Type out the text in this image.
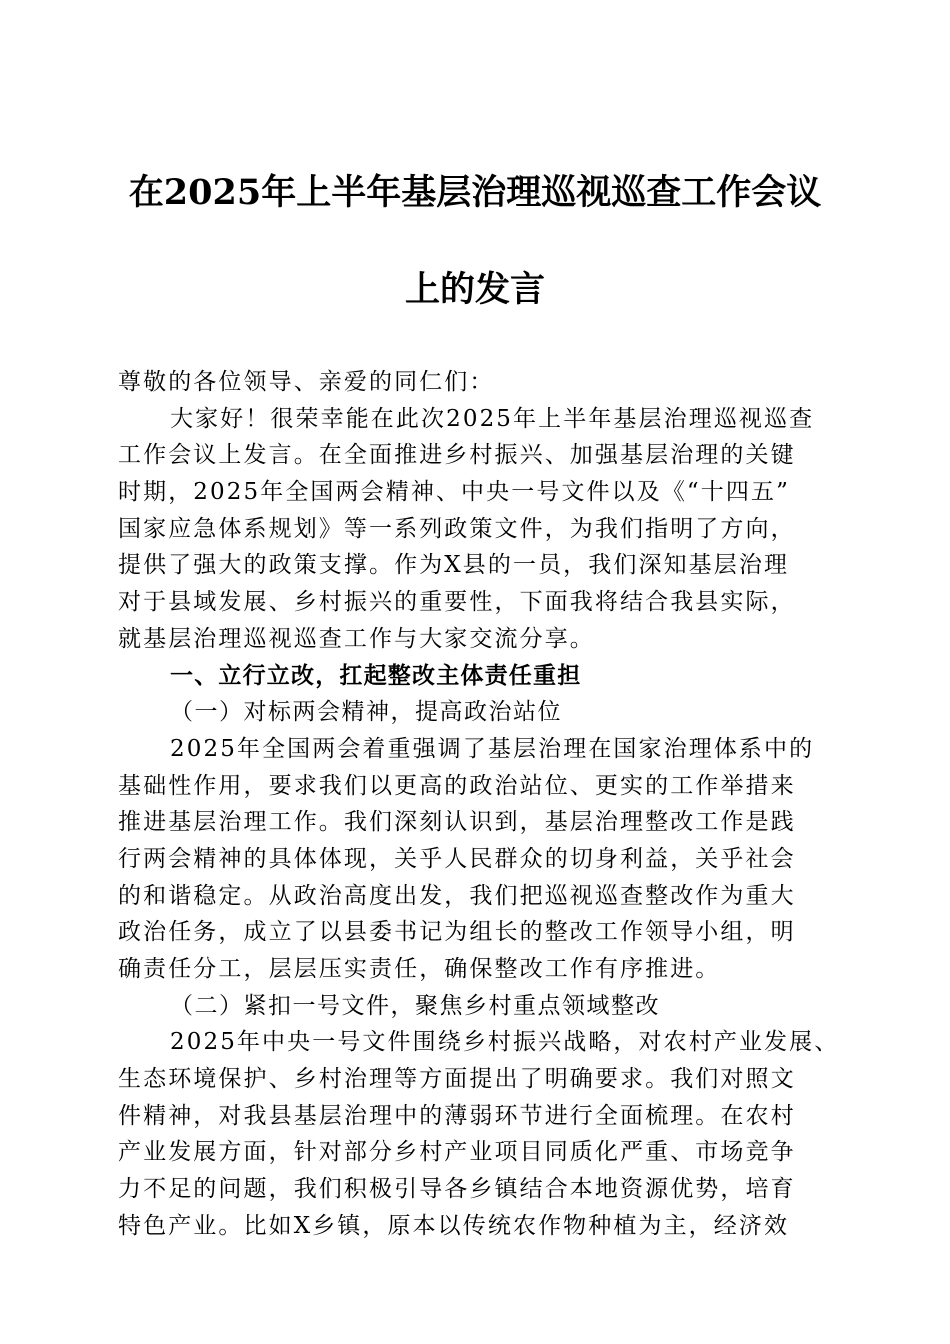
在2025年上半年基层治理巡视巡查工作会议
上的发言
尊敬的各位领导、亲爱的同仁们：
大家好！很荣幸能在此次2025年上半年基层治理巡视巡查
工作会议上发言。在全面推进乡村振兴、加强基层治理的关键
时期，2025年全国两会精神、中央一号文件以及《“十四五”
国家应急体系规划》等一系列政策文件，为我们指明了方向，
提供了强大的政策支撑。作为X县的一员，我们深知基层治理
对于县域发展、乡村振兴的重要性，下面我将结合我县实际，
就基层治理巡视巡查工作与大家交流分享。
一、立行立改，扛起整改主体责任重担
（一）对标两会精神，提高政治站位
2025年全国两会着重强调了基层治理在国家治理体系中的
基础性作用，要求我们以更高的政治站位、更实的工作举措来
推进基层治理工作。我们深刻认识到，基层治理整改工作是践
行两会精神的具体体现，关乎人民群众的切身利益，关乎社会
的和谐稳定。从政治高度出发，我们把巡视巡查整改作为重大
政治任务，成立了以县委书记为组长的整改工作领导小组，明
确责任分工，层层压实责任，确保整改工作有序推进。
（二）紧扣一号文件，聚焦乡村重点领域整改
2025年中央一号文件围绕乡村振兴战略，对农村产业发展、
生态环境保护、乡村治理等方面提出了明确要求。我们对照文
件精神，对我县基层治理中的薄弱环节进行全面梳理。在农村
产业发展方面，针对部分乡村产业项目同质化严重、市场竞争
力不足的问题，我们积极引导各乡镇结合本地资源优势，培育
特色产业。比如X乡镇，原本以传统农作物种植为主，经济效
